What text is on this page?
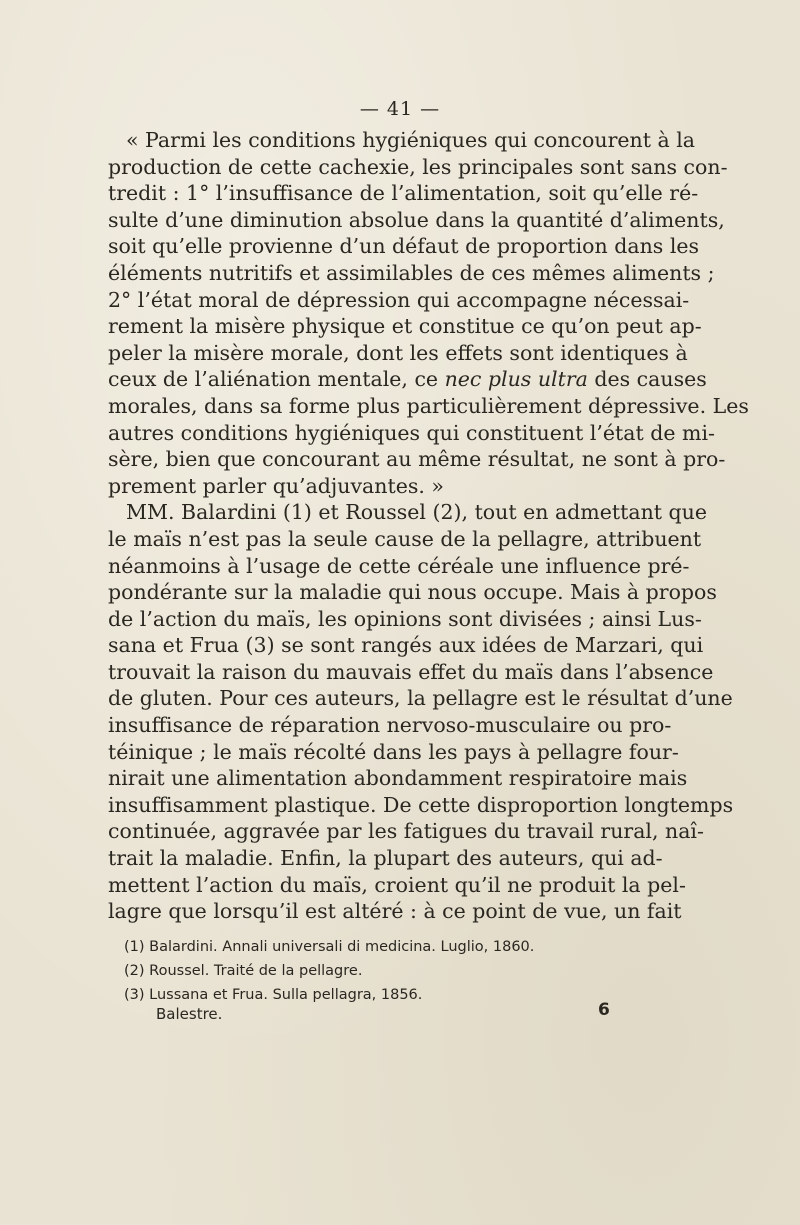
— 41 —
« Parmi les conditions hygiéniques qui concourent à la
production de cette cachexie, les principales sont sans con-
tredit : 1° l’insuffisance de l’alimentation, soit qu’elle ré-
sulte d’une diminution absolue dans la quantité d’aliments,
soit qu’elle provienne d’un défaut de proportion dans les
éléments nutritifs et assimilables de ces mêmes aliments ;
2° l’état moral de dépression qui accompagne nécessai-
rement la misère physique et constitue ce qu’on peut ap-
peler la misère morale, dont les effets sont identiques à
ceux de l’aliénation mentale, ce nec plus ultra des causes
morales, dans sa forme plus particulièrement dépressive. Les
autres conditions hygiéniques qui constituent l’état de mi-
sère, bien que concourant au même résultat, ne sont à pro-
prement parler qu’adjuvantes. »
MM. Balardini (1) et Roussel (2), tout en admettant que
le maïs n’est pas la seule cause de la pellagre, attribuent
néanmoins à l’usage de cette céréale une influence pré-
pondérante sur la maladie qui nous occupe. Mais à propos
de l’action du maïs, les opinions sont divisées ; ainsi Lus-
sana et Frua (3) se sont rangés aux idées de Marzari, qui
trouvait la raison du mauvais effet du maïs dans l’absence
de gluten. Pour ces auteurs, la pellagre est le résultat d’une
insuffisance de réparation nervoso-musculaire ou pro-
téinique ; le maïs récolté dans les pays à pellagre four-
nirait une alimentation abondamment respiratoire mais
insuffisamment plastique. De cette disproportion longtemps
continuée, aggravée par les fatigues du travail rural, naî-
trait la maladie. Enfin, la plupart des auteurs, qui ad-
mettent l’action du maïs, croient qu’il ne produit la pel-
lagre que lorsqu’il est altéré : à ce point de vue, un fait
(1) Balardini. Annali universali di medicina. Luglio, 1860.
(2) Roussel. Traité de la pellagre.
(3) Lussana et Frua. Sulla pellagra, 1856.
Balestre.	6
